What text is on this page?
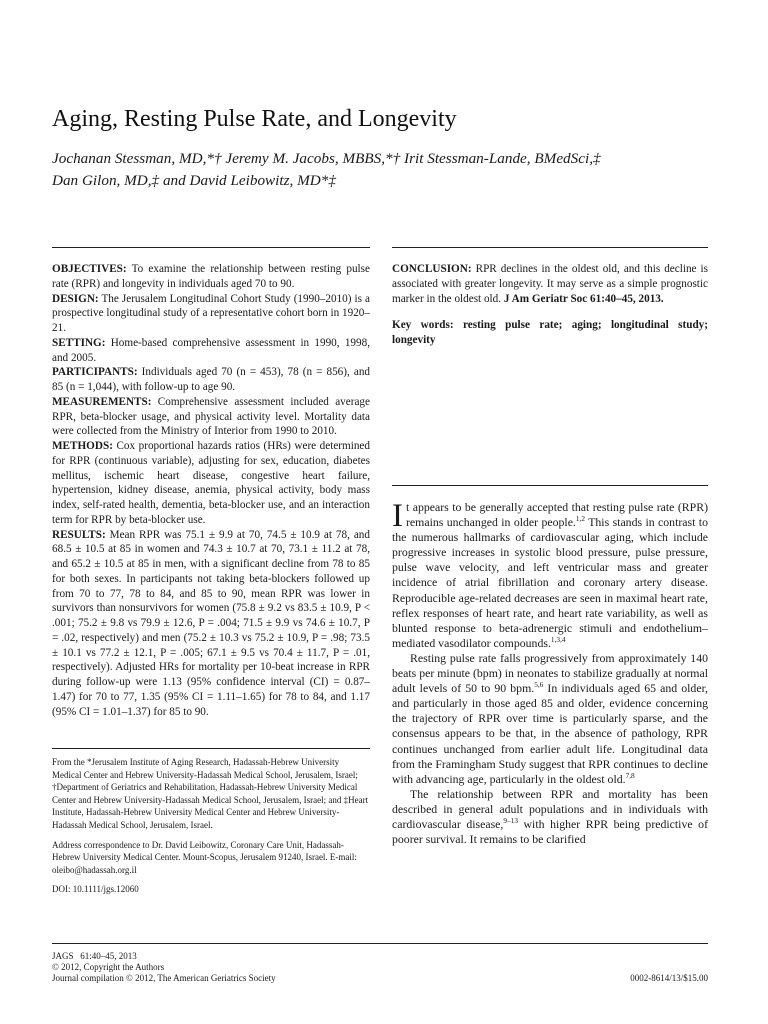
Aging, Resting Pulse Rate, and Longevity
Jochanan Stessman, MD,*† Jeremy M. Jacobs, MBBS,*† Irit Stessman-Lande, BMedSci,‡
Dan Gilon, MD,‡ and David Leibowitz, MD*‡

OBJECTIVES: To examine the relationship between resting pulse rate (RPR) and longevity in individuals aged 70 to 90.

DESIGN: The Jerusalem Longitudinal Cohort Study (1990–2010) is a prospective longitudinal study of a representative cohort born in 1920–21.

SETTING: Home-based comprehensive assessment in 1990, 1998, and 2005.

PARTICIPANTS: Individuals aged 70 (n = 453), 78 (n = 856), and 85 (n = 1,044), with follow-up to age 90.

MEASUREMENTS: Comprehensive assessment included average RPR, beta-blocker usage, and physical activity level. Mortality data were collected from the Ministry of Interior from 1990 to 2010.

METHODS: Cox proportional hazards ratios (HRs) were determined for RPR (continuous variable), adjusting for sex, education, diabetes mellitus, ischemic heart disease, congestive heart failure, hypertension, kidney disease, anemia, physical activity, body mass index, self-rated health, dementia, beta-blocker use, and an interaction term for RPR by beta-blocker use.

RESULTS: Mean RPR was 75.1 ± 9.9 at 70, 74.5 ± 10.9 at 78, and 68.5 ± 10.5 at 85 in women and 74.3 ± 10.7 at 70, 73.1 ± 11.2 at 78, and 65.2 ± 10.5 at 85 in men, with a significant decline from 78 to 85 for both sexes. In participants not taking beta-blockers followed up from 70 to 77, 78 to 84, and 85 to 90, mean RPR was lower in survivors than nonsurvivors for women (75.8 ± 9.2 vs 83.5 ± 10.9, P < .001; 75.2 ± 9.8 vs 79.9 ± 12.6, P = .004; 71.5 ± 9.9 vs 74.6 ± 10.7, P = .02, respectively) and men (75.2 ± 10.3 vs 75.2 ± 10.9, P = .98; 73.5 ± 10.1 vs 77.2 ± 12.1, P = .005; 67.1 ± 9.5 vs 70.4 ± 11.7, P = .01, respectively). Adjusted HRs for mortality per 10-beat increase in RPR during follow-up were 1.13 (95% confidence interval (CI) = 0.87–1.47) for 70 to 77, 1.35 (95% CI = 1.11–1.65) for 78 to 84, and 1.17 (95% CI = 1.01–1.37) for 85 to 90.

CONCLUSION: RPR declines in the oldest old, and this decline is associated with greater longevity. It may serve as a simple prognostic marker in the oldest old. J Am Geriatr Soc 61:40–45, 2013.

Key words: resting pulse rate; aging; longitudinal study; longevity

It appears to be generally accepted that resting pulse rate (RPR) remains unchanged in older people.$^{1,2}$ This stands in contrast to the numerous hallmarks of cardiovascular aging, which include progressive increases in systolic blood pressure, pulse pressure, pulse wave velocity, and left ventricular mass and greater incidence of atrial fibrillation and coronary artery disease. Reproducible age-related decreases are seen in maximal heart rate, reflex responses of heart rate, and heart rate variability, as well as blunted response to beta-adrenergic stimuli and endothelium–mediated vasodilator compounds.$^{1,3,4}$

Resting pulse rate falls progressively from approximately 140 beats per minute (bpm) in neonates to stabilize gradually at normal adult levels of 50 to 90 bpm.$^{5,6}$ In individuals aged 65 and older, and particularly in those aged 85 and older, evidence concerning the trajectory of RPR over time is particularly sparse, and the consensus appears to be that, in the absence of pathology, RPR continues unchanged from earlier adult life. Longitudinal data from the Framingham Study suggest that RPR continues to decline with advancing age, particularly in the oldest old.$^{7,8}$

The relationship between RPR and mortality has been described in general adult populations and in individuals with cardiovascular disease,$^{9-13}$ with higher RPR being predictive of poorer survival. It remains to be clarified

From the *Jerusalem Institute of Aging Research, Hadassah-Hebrew University Medical Center and Hebrew University-Hadassah Medical School, Jerusalem, Israel; †Department of Geriatrics and Rehabilitation, Hadassah-Hebrew University Medical Center and Hebrew University-Hadassah Medical School, Jerusalem, Israel; and ‡Heart Institute, Hadassah-Hebrew University Medical Center and Hebrew University-Hadassah Medical School, Jerusalem, Israel.

Address correspondence to Dr. David Leibowitz, Coronary Care Unit, Hadassah-Hebrew University Medical Center. Mount-Scopus, Jerusalem 91240, Israel. E-mail: oleibo@hadassah.org.il

DOI: 10.1111/jgs.12060

JAGS   61:40–45, 2013
© 2012, Copyright the Authors
Journal compilation © 2012, The American Geriatrics Society	0002-8614/13/$15.00
